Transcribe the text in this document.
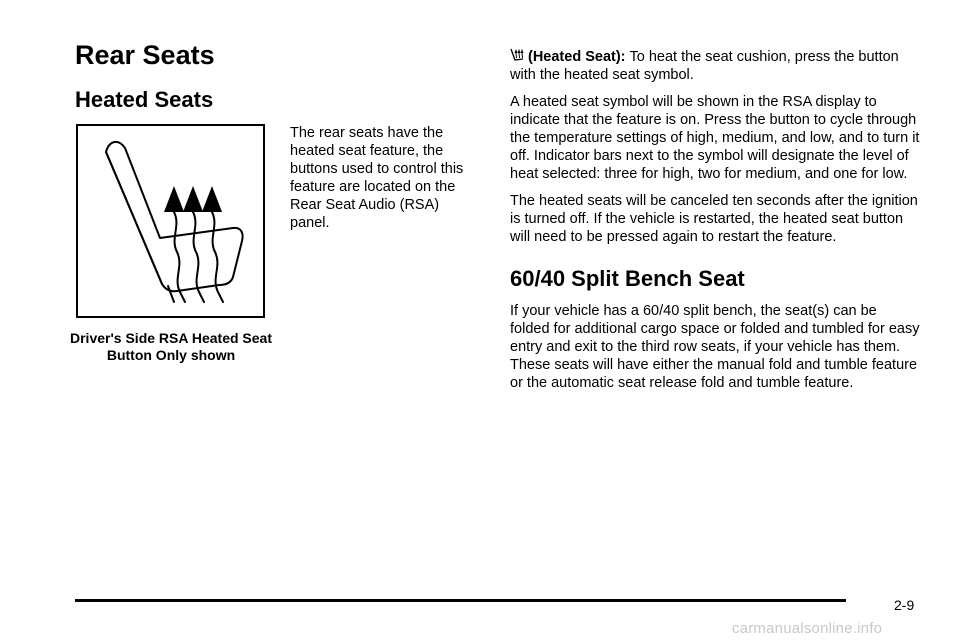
Rear Seats
Heated Seats
Driver's Side RSA Heated Seat Button Only shown

The rear seats have the heated seat feature, the buttons used to control this feature are located on the Rear Seat Audio (RSA) panel.

(Heated Seat): To heat the seat cushion, press the button with the heated seat symbol.

A heated seat symbol will be shown in the RSA display to indicate that the feature is on. Press the button to cycle through the temperature settings of high, medium, and low, and to turn it off. Indicator bars next to the symbol will designate the level of heat selected: three for high, two for medium, and one for low.

The heated seats will be canceled ten seconds after the ignition is turned off. If the vehicle is restarted, the heated seat button will need to be pressed again to restart the feature.

60/40 Split Bench Seat

If your vehicle has a 60/40 split bench, the seat(s) can be folded for additional cargo space or folded and tumbled for easy entry and exit to the third row seats, if your vehicle has them. These seats will have either the manual fold and tumble feature or the automatic seat release fold and tumble feature.

2-9
carmanualsonline.info
